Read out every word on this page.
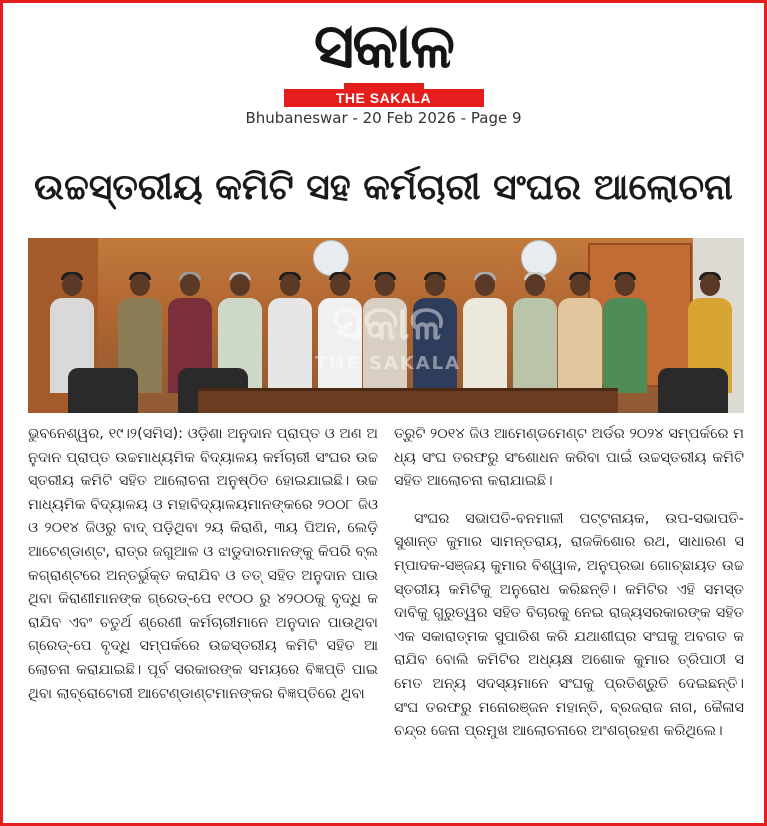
ସକାଳ
THE SAKALA
Bhubaneswar - 20 Feb 2026 - Page 9
ଉଚ୍ଚସ୍ତରୀୟ କମିଟି ସହ କର୍ମଚାରୀ ସଂଘର ଆଲୋଚନା
ସକାଳ
THE SAKALA

ଭୁବନେଶ୍ୱର, ୧୯।୨(ସମିସ): ଓଡ଼ିଶା ଅନୁଦାନ ପ୍ରାପ୍ତ ଓ ଅଣ ଅନୁଦାନ ପ୍ରାପ୍ତ ଉଚ୍ଚମାଧ୍ୟମିକ ବିଦ୍ୟାଳୟ କର୍ମଚାରୀ ସଂଘର ଉଚ୍ଚସ୍ତରୀୟ କମିଟି ସହିତ ଆଲୋଚନା ଅନୁଷ୍ଠିତ ହୋଇଯାଇଛି। ଉଚ୍ଚମାଧ୍ୟମିକ ବିଦ୍ୟାଳୟ ଓ ମହାବିଦ୍ୟାଳୟମାନଙ୍କରେ ୨୦୦୮ ଜିଓ ଓ ୨୦୧୪ ଜିଓରୁ ବାଦ୍ ପଡ଼ିଥିବା ୨ୟ କିରାଣି, ୩ୟ ପିଅନ, ଲେଡ଼ି ଆଟେଣ୍ଡାଣ୍ଟ, ରାତ୍ର ଜଗୁଆଳ ଓ ଝାଡୁଦାରମାନଙ୍କୁ କିପରି ବ୍ଲକଗ୍ରାଣ୍ଟରେ ଅନ୍ତର୍ଭୁକ୍ତ କରାଯିବ ଓ ତତ୍ ସହିତ ଅନୁଦାନ ପାଉଥିବା କିରାଣୀମାନଙ୍କ ଗ୍ରେଡ୍-ପେ ୧୯୦୦ ରୁ ୪୨୦୦କୁ ବୃଦ୍ଧି କରାଯିବ ଏବଂ ଚତୁର୍ଥ ଶ୍ରେଣୀ କର୍ମଚାରୀମାନେ ଅନୁଦାନ ପାଉଥିବା ଗ୍ରେଡ୍-ପେ ବୃଦ୍ଧି ସମ୍ପର୍କରେ ଉଚ୍ଚସ୍ତରୀୟ କମିଟି ସହିତ ଆଲୋଚନା କରାଯାଇଛି। ପୂର୍ବ ସରକାରଙ୍କ ସମୟରେ ବିଜ୍ଞପ୍ତି ପାଇଥିବା ଲାବ୍‌ରୋଟୋରୀ ଆଟେଣ୍ଡାଣ୍ଟମାନଙ୍କର ବିଜ୍ଞପ୍ତିରେ ଥିବା

ତ୍ରୁଟି ୨୦୧୪ ଜିଓ ଆମେଣ୍ଡମେଣ୍ଟ ଅର୍ଡର ୨୦୨୪ ସମ୍ପର୍କରେ ମଧ୍ୟ ସଂଘ ତରଫରୁ ସଂଶୋଧନ କରିବା ପାଇଁ ଉଚ୍ଚସ୍ତରୀୟ କମିଟି ସହିତ ଆଲୋଚନା କରାଯାଇଛି।

ସଂଘର ସଭାପତି-ବନମାଳୀ ପଟ୍ଟନାୟକ, ଉପ-ସଭାପତି-ସୁଶାନ୍ତ କୁମାର ସାମନ୍ତରାୟ, ରାଜକିଶୋର ରଥ, ସାଧାରଣ ସମ୍ପାଦକ-ସଞ୍ଜୟ କୁମାର ବିଶ୍ୱାଳ, ଅନୁପ୍ରଭା ଗୋଚ୍ଛାୟତ ଉଚ୍ଚସ୍ତରୀୟ କମିଟିକୁ ଅନୁରୋଧ କରିଛନ୍ତି। କମିଟିର ଏହି ସମସ୍ତ ଦାବିକୁ ଗୁରୁତ୍ୱର ସହିତ ବିଚାରକୁ ନେଇ ରାଜ୍ୟସରକାରଙ୍କ ସହିତ ଏକ ସକାରାତ୍ମକ ସୁପାରିଶ କରି ଯଥାଶୀଘ୍ର ସଂଘକୁ ଅବଗତ କରାଯିବ ବୋଲି କମିଟିର ଅଧ୍ୟକ୍ଷ ଅଶୋକ କୁମାର ତ୍ରିପାଠୀ ସମେତ ଅନ୍ୟ ସଦସ୍ୟମାନେ ସଂଘକୁ ପ୍ରତିଶ୍ରୁତି ଦେଇଛନ୍ତି। ସଂଘ ତରଫରୁ ମନୋରଞ୍ଜନ ମହାନ୍ତି, ବ୍ରଜରାଜ ନାଗ, କୈଳାସ ଚନ୍ଦ୍ର ଜେନା ପ୍ରମୁଖ ଆଲୋଚନାରେ ଅଂଶଗ୍ରହଣ କରିଥିଲେ।
